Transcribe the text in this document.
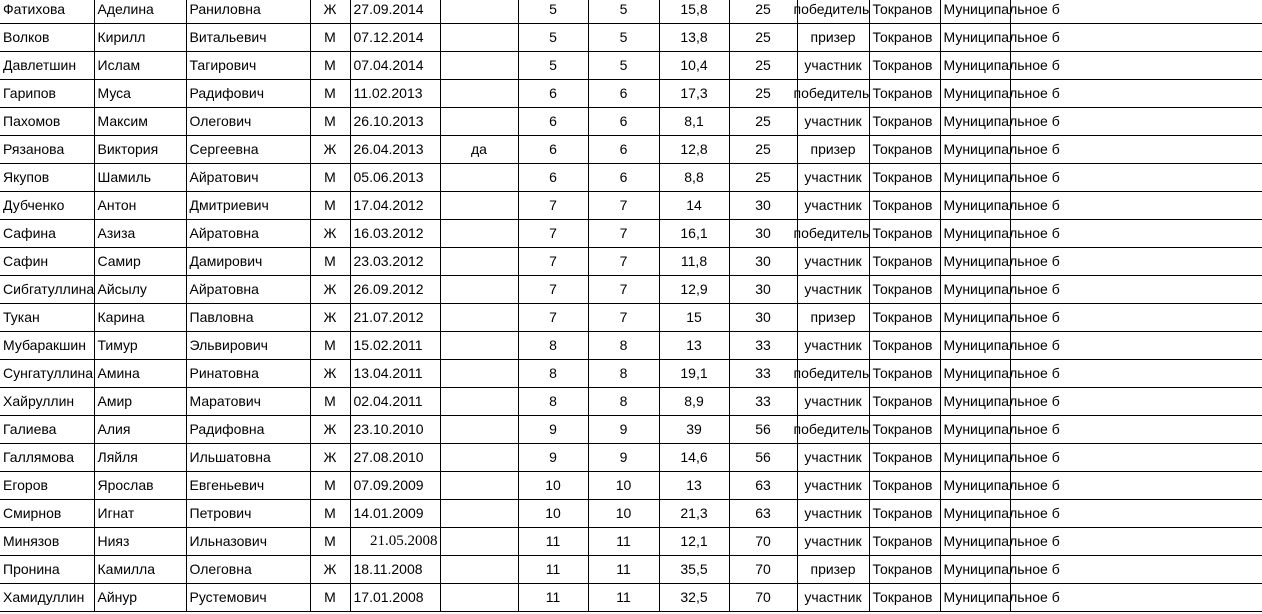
Фатихова	Аделина	Раниловна	Ж	27.09.2014		5	5	15,8	25	победитель	Токранов	Муниципальное б	
Волков	Кирилл	Витальевич	М	07.12.2014		5	5	13,8	25	призер	Токранов	Муниципальное б	
Давлетшин	Ислам	Тагирович	М	07.04.2014		5	5	10,4	25	участник	Токранов	Муниципальное б	
Гарипов	Муса	Радифович	М	11.02.2013		6	6	17,3	25	победитель	Токранов	Муниципальное б	
Пахомов	Максим	Олегович	М	26.10.2013		6	6	8,1	25	участник	Токранов	Муниципальное б	
Рязанова	Виктория	Сергеевна	Ж	26.04.2013	да	6	6	12,8	25	призер	Токранов	Муниципальное б	
Якупов	Шамиль	Айратович	М	05.06.2013		6	6	8,8	25	участник	Токранов	Муниципальное б	
Дубченко	Антон	Дмитриевич	М	17.04.2012		7	7	14	30	участник	Токранов	Муниципальное б	
Сафина	Азиза	Айратовна	Ж	16.03.2012		7	7	16,1	30	победитель	Токранов	Муниципальное б	
Сафин	Самир	Дамирович	М	23.03.2012		7	7	11,8	30	участник	Токранов	Муниципальное б	
Сибгатуллина	Айсылу	Айратовна	Ж	26.09.2012		7	7	12,9	30	участник	Токранов	Муниципальное б	
Тукан	Карина	Павловна	Ж	21.07.2012		7	7	15	30	призер	Токранов	Муниципальное б	
Мубаракшин	Тимур	Эльвирович	М	15.02.2011		8	8	13	33	участник	Токранов	Муниципальное б	
Сунгатуллина	Амина	Ринатовна	Ж	13.04.2011		8	8	19,1	33	победитель	Токранов	Муниципальное б	
Хайруллин	Амир	Маратович	М	02.04.2011		8	8	8,9	33	участник	Токранов	Муниципальное б	
Галиева	Алия	Радифовна	Ж	23.10.2010		9	9	39	56	победитель	Токранов	Муниципальное б	
Галлямова	Ляйля	Ильшатовна	Ж	27.08.2010		9	9	14,6	56	участник	Токранов	Муниципальное б	
Егоров	Ярослав	Евгеньевич	М	07.09.2009		10	10	13	63	участник	Токранов	Муниципальное б	
Смирнов	Игнат	Петрович	М	14.01.2009		10	10	21,3	63	участник	Токранов	Муниципальное б	
Минязов	Нияз	Ильназович	М	21.05.2008		11	11	12,1	70	участник	Токранов	Муниципальное б	
Пронина	Камилла	Олеговна	Ж	18.11.2008		11	11	35,5	70	призер	Токранов	Муниципальное б	
Хамидуллин	Айнур	Рустемович	М	17.01.2008		11	11	32,5	70	участник	Токранов	Муниципальное б	
